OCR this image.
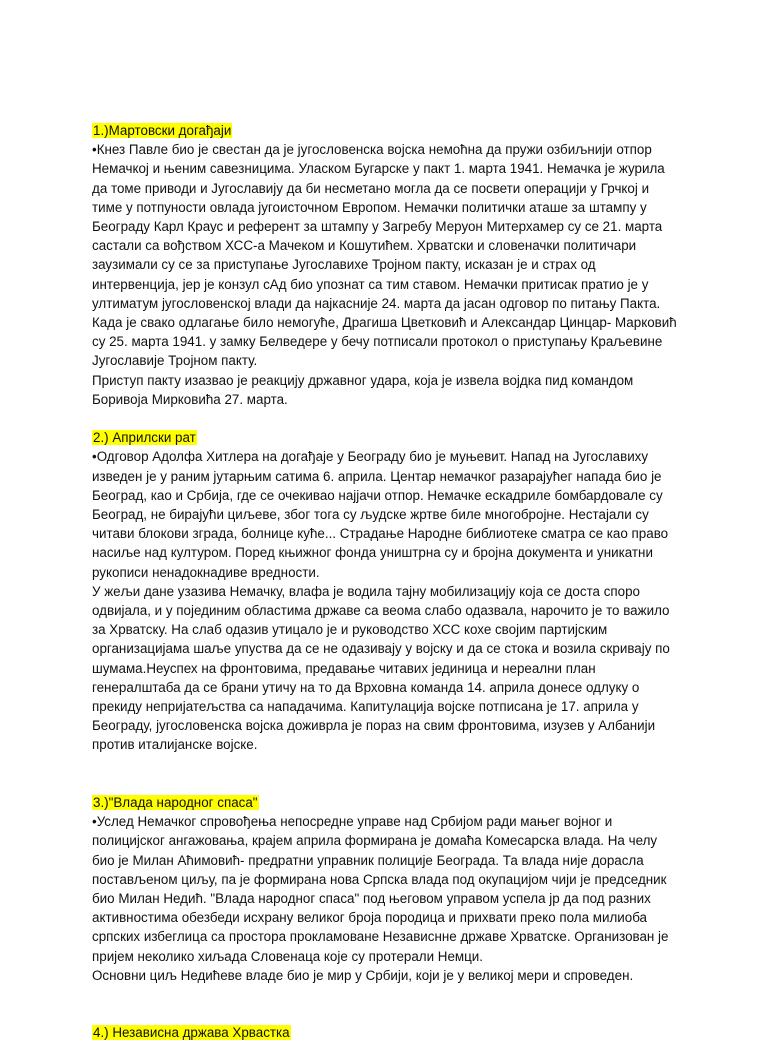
1.)Мартовски догађаји

•Кнез Павле био је свестан да је југословенска војска немоћна да пружи озбиљнији отпор Немачкој и њеним савезницима. Уласком Бугарске у пакт 1. марта 1941. Немачка је журила да томе приводи и Југославију да би несметано могла да се посвети операцији у Грчкој и тиме у потпуности овлада југоисточном Европом. Немачки политички аташе за штампу у Београду Карл Краус и референт за штампу у Загребу Меруон Митерхамер су се 21. марта састали са вођством ХСС-а Мачеком и Кошутићем. Хрватски и словеначки политичари заузимали су се за приступање Југославихе Тројном пакту, исказан је и страх од интервенција, јер је конзул сАд био упознат са тим ставом. Немачки притисак пратио је у ултиматум југословенској влади да најкасније 24. марта да јасан одговор по питању Пакта. Када је свако одлагање било немогуће, Драгиша Цветковић и Александар Цинцар- Марковић су 25. марта 1941. у замку Белведере у бечу потписали протокол о приступању Краљевине Југославије Тројном пакту.

Приступ пакту изазвао је реакцију државног удара, која је извела војдка пид командом Боривоја Мирковића 27. марта.

2.) Априлски рат

•Одговор Адолфа Хитлера на догађаје у Београду био је муњевит. Напад на Југославиху изведен је у раним јутарњим сатима 6. априла. Центар немачког разарајућег напада био је Београд, као и Србија, где се очекивао најјачи отпор. Немачке ескадриле бомбардовале су Београд, не бирајући циљеве, због тога су људске жртве биле многобројне. Нестајали су читави блокови зграда, болнице куће... Страдање Народне библиотеке сматра се као право насиље над културом. Поред књижног фонда уништрна су и бројна документа и уникатни рукописи ненадокнадиве вредности.

У жељи дане узазива Немачку, влафа је водила тајну мобилизацију која се доста споро одвијала, и у појединим областима државе са веома слабо одазвала, нарочито је то важило за Хрватску. На слаб одазив утицало је и руководство ХСС кохе својим партијским организацијама шаље упуства да се не одазивају у војску и да се стока и возила скривају по шумама.Неуспех на фронтовима, предавање читавих јединица и нереални план генералштаба да се брани утичу на то да Врховна команда 14. априла донесе одлуку о прекиду непријатељства са нападачима. Капитулација војске потписана је 17. априла у Београду, југословенска војска доживрла је пораз на свим фронтовима, изузев у Албанији против италијанске војске.

3.)"Влада народног спаса"

•Услед Немачког спровођења непосредне управе над Србијом ради мањег војног и полицијског ангажовања, крајем априла формирана је домаћа Комесарска влада. На челу био је Милан Аћимовић- предратни управник полиције Београда. Та влада није дорасла постављеном циљу, па је формирана нова Српска влада под окупацијом чији је председник био Милан Недић. "Влада народног спаса" под његовом управом успела јр да под разних активностима обезбеди исхрану великог броја породица и прихвати преко пола милиоба српских избеглица са простора прокламоване Независнне државе Хрватске. Организован је пријем неколико хиљада Словенаца које су протерали Немци.

Основни циљ Недићеве владе био је мир у Србији, који је у великој мери и спроведен.

4.) Независна држава Хрвастка
